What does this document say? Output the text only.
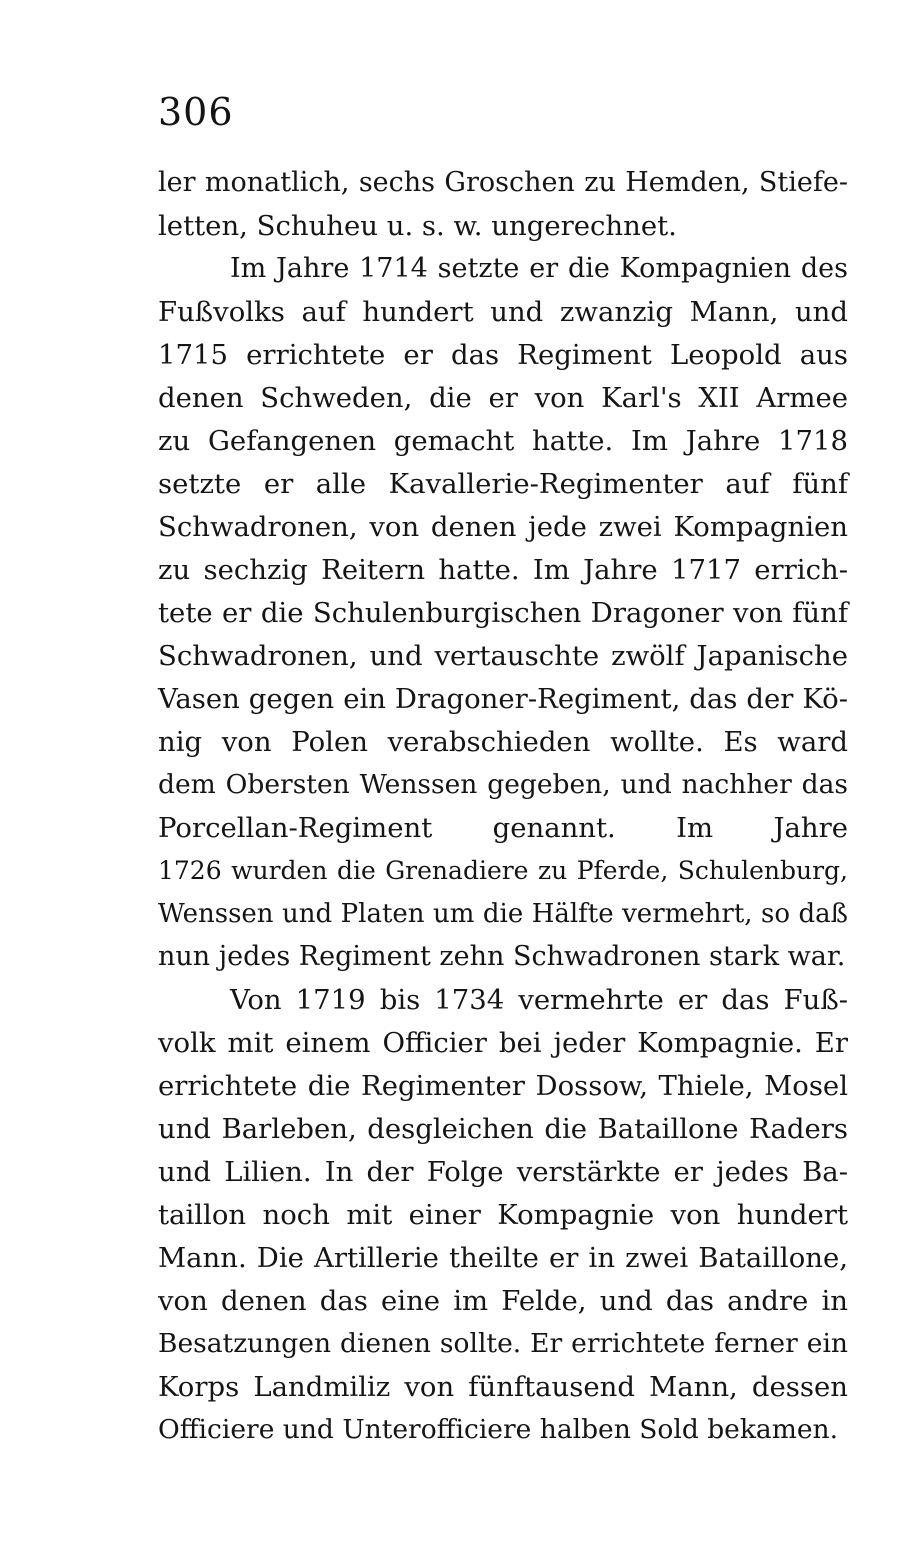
306
ler monatlich, sechs Groschen zu Hemden, Stiefe-
letten, Schuheu u. s. w. ungerechnet.
Im Jahre 1714 setzte er die Kompagnien des
Fußvolks auf hundert und zwanzig Mann, und
1715 errichtete er das Regiment Leopold aus
denen Schweden, die er von Karl's XII Armee
zu Gefangenen gemacht hatte. Im Jahre 1718
setzte er alle Kavallerie-Regimenter auf fünf
Schwadronen, von denen jede zwei Kompagnien
zu sechzig Reitern hatte. Im Jahre 1717 errich-
tete er die Schulenburgischen Dragoner von fünf
Schwadronen, und vertauschte zwölf Japanische
Vasen gegen ein Dragoner-Regiment, das der Kö-
nig von Polen verabschieden wollte. Es ward
dem Obersten Wenssen gegeben, und nachher das
Porcellan-Regiment genannt. Im Jahre
1726 wurden die Grenadiere zu Pferde, Schulenburg,
Wenssen und Platen um die Hälfte vermehrt, so daß
nun jedes Regiment zehn Schwadronen stark war.
Von 1719 bis 1734 vermehrte er das Fuß-
volk mit einem Officier bei jeder Kompagnie. Er
errichtete die Regimenter Dossow, Thiele, Mosel
und Barleben, desgleichen die Bataillone Raders
und Lilien. In der Folge verstärkte er jedes Ba-
taillon noch mit einer Kompagnie von hundert
Mann. Die Artillerie theilte er in zwei Bataillone,
von denen das eine im Felde, und das andre in
Besatzungen dienen sollte. Er errichtete ferner ein
Korps Landmiliz von fünftausend Mann, dessen
Officiere und Unterofficiere halben Sold bekamen.
